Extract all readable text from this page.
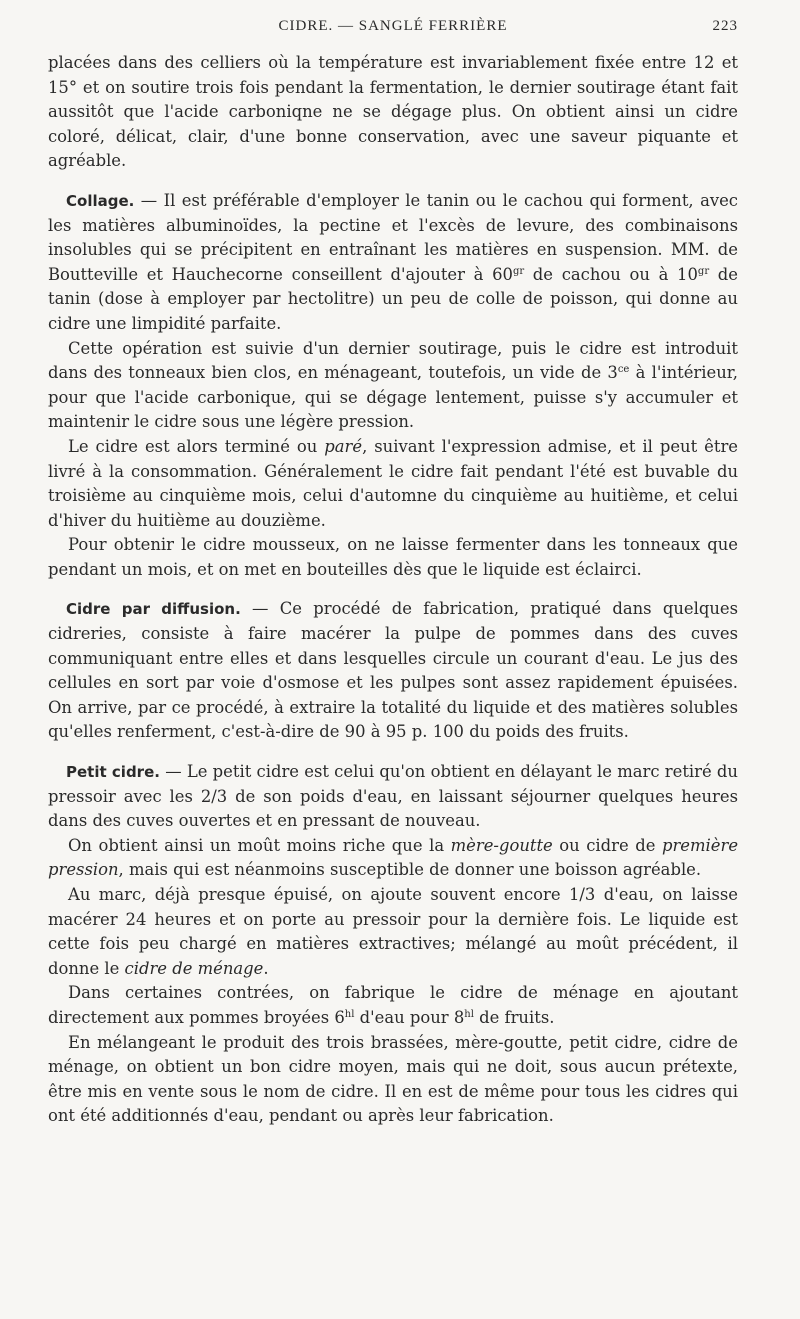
CIDRE. — SANGLÉ FERRIÈRE	223

placées dans des celliers où la température est invariablement fixée entre 12 et 15° et on soutire trois fois pendant la fermentation, le dernier soutirage étant fait aussitôt que l'acide carboniqne ne se dégage plus. On obtient ainsi un cidre coloré, délicat, clair, d'une bonne conservation, avec une saveur piquante et agréable.

Collage. — Il est préférable d'employer le tanin ou le cachou qui forment, avec les matières albuminoïdes, la pectine et l'excès de levure, des combinaisons insolubles qui se précipitent en entraînant les matières en suspension. MM. de Boutteville et Hauchecorne conseillent d'ajouter à $60^{gr}$ de cachou ou à $10^{gr}$ de tanin (dose à employer par hectolitre) un peu de colle de poisson, qui donne au cidre une limpidité parfaite.

Cette opération est suivie d'un dernier soutirage, puis le cidre est introduit dans des tonneaux bien clos, en ménageant, toutefois, un vide de $3^{ce}$ à l'intérieur, pour que l'acide carbonique, qui se dégage lentement, puisse s'y accumuler et maintenir le cidre sous une légère pression.

Le cidre est alors terminé ou paré, suivant l'expression admise, et il peut être livré à la consommation. Généralement le cidre fait pendant l'été est buvable du troisième au cinquième mois, celui d'automne du cinquième au huitième, et celui d'hiver du huitième au douzième.

Pour obtenir le cidre mousseux, on ne laisse fermenter dans les tonneaux que pendant un mois, et on met en bouteilles dès que le liquide est éclairci.

Cidre par diffusion. — Ce procédé de fabrication, pratiqué dans quelques cidreries, consiste à faire macérer la pulpe de pommes dans des cuves communiquant entre elles et dans lesquelles circule un courant d'eau. Le jus des cellules en sort par voie d'osmose et les pulpes sont assez rapidement épuisées. On arrive, par ce procédé, à extraire la totalité du liquide et des matières solubles qu'elles renferment, c'est-à-dire de 90 à 95 p. 100 du poids des fruits.

Petit cidre. — Le petit cidre est celui qu'on obtient en délayant le marc retiré du pressoir avec les 2/3 de son poids d'eau, en laissant séjourner quelques heures dans des cuves ouvertes et en pressant de nouveau.

On obtient ainsi un moût moins riche que la mère-goutte ou cidre de première pression, mais qui est néanmoins susceptible de donner une boisson agréable.

Au marc, déjà presque épuisé, on ajoute souvent encore 1/3 d'eau, on laisse macérer 24 heures et on porte au pressoir pour la dernière fois. Le liquide est cette fois peu chargé en matières extractives; mélangé au moût précédent, il donne le cidre de ménage.

Dans certaines contrées, on fabrique le cidre de ménage en ajoutant directement aux pommes broyées $6^{hl}$ d'eau pour $8^{hl}$ de fruits.

En mélangeant le produit des trois brassées, mère-goutte, petit cidre, cidre de ménage, on obtient un bon cidre moyen, mais qui ne doit, sous aucun prétexte, être mis en vente sous le nom de cidre. Il en est de même pour tous les cidres qui ont été additionnés d'eau, pendant ou après leur fabrication.
